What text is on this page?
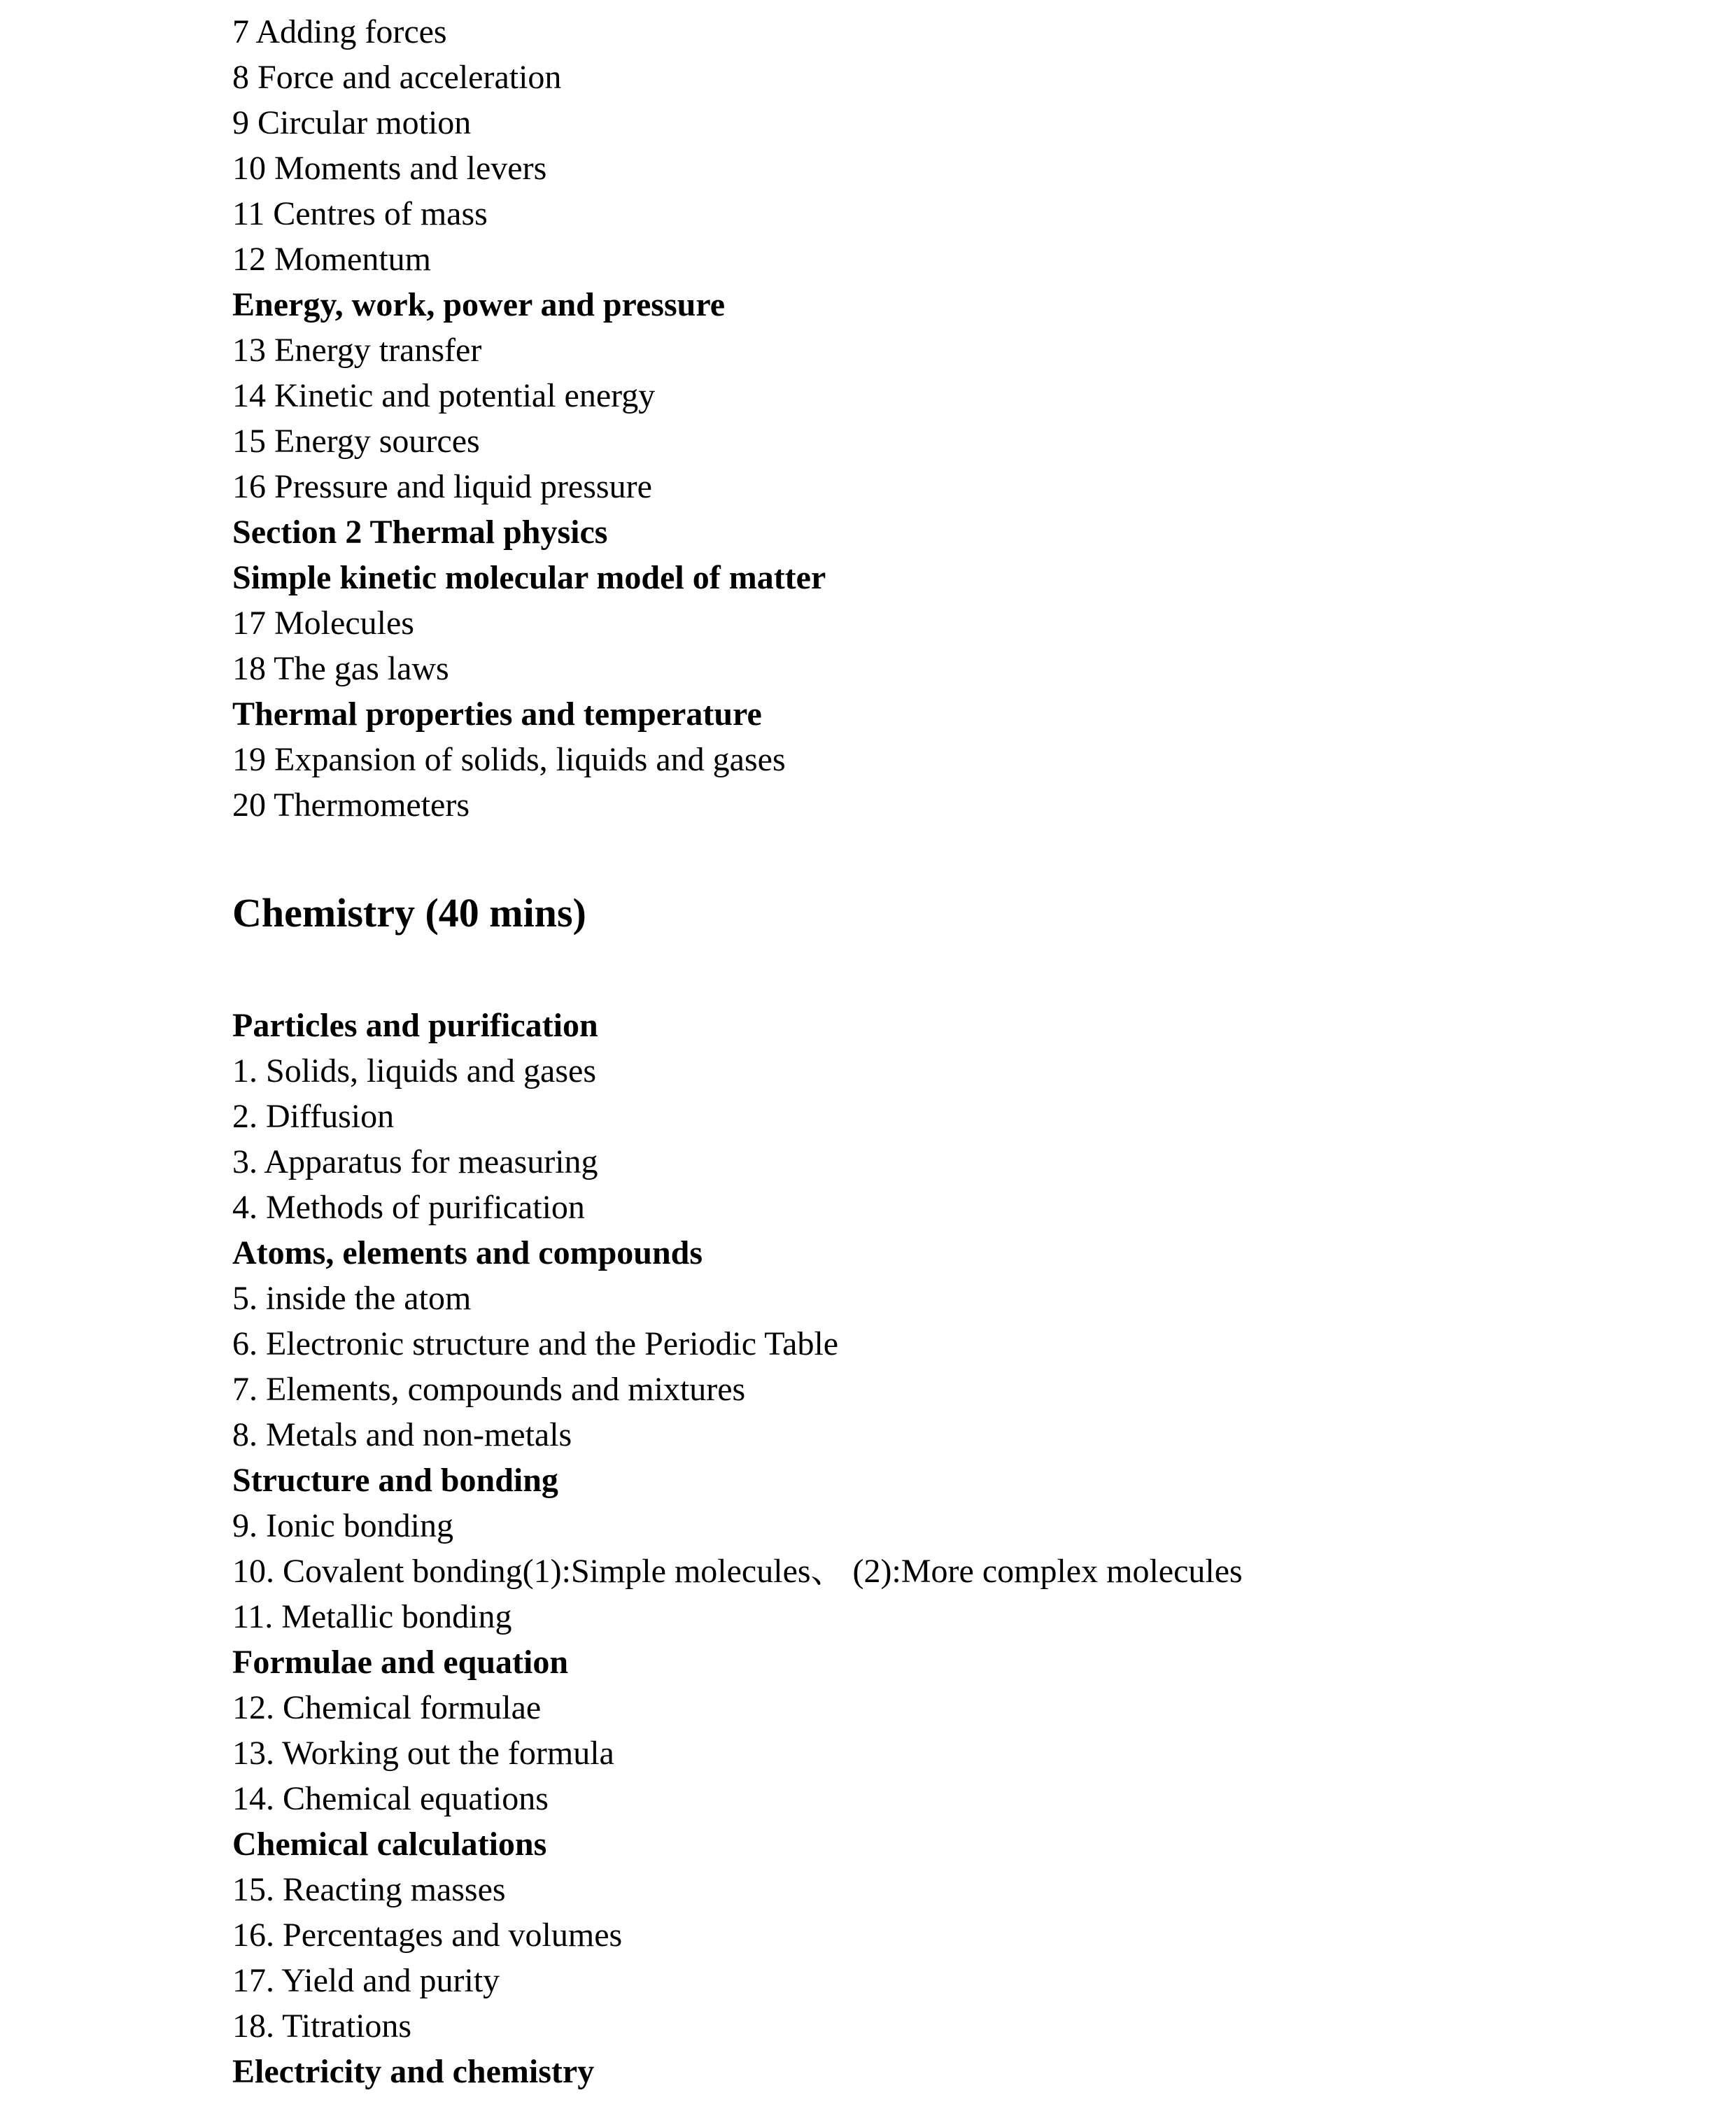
7 Adding forces
8 Force and acceleration
9 Circular motion
10 Moments and levers
11 Centres of mass
12 Momentum
Energy, work, power and pressure
13 Energy transfer
14 Kinetic and potential energy
15 Energy sources
16 Pressure and liquid pressure
Section 2 Thermal physics
Simple kinetic molecular model of matter
17 Molecules
18 The gas laws
Thermal properties and temperature
19 Expansion of solids, liquids and gases
20 Thermometers
Chemistry (40 mins)
Particles and purification
1. Solids, liquids and gases
2. Diffusion
3. Apparatus for measuring
4. Methods of purification
Atoms, elements and compounds
5. inside the atom
6. Electronic structure and the Periodic Table
7. Elements, compounds and mixtures
8. Metals and non-metals
Structure and bonding
9. Ionic bonding
10. Covalent bonding(1):Simple molecules、 (2):More complex molecules
11. Metallic bonding
Formulae and equation
12. Chemical formulae
13. Working out the formula
14. Chemical equations
Chemical calculations
15. Reacting masses
16. Percentages and volumes
17. Yield and purity
18. Titrations
Electricity and chemistry
